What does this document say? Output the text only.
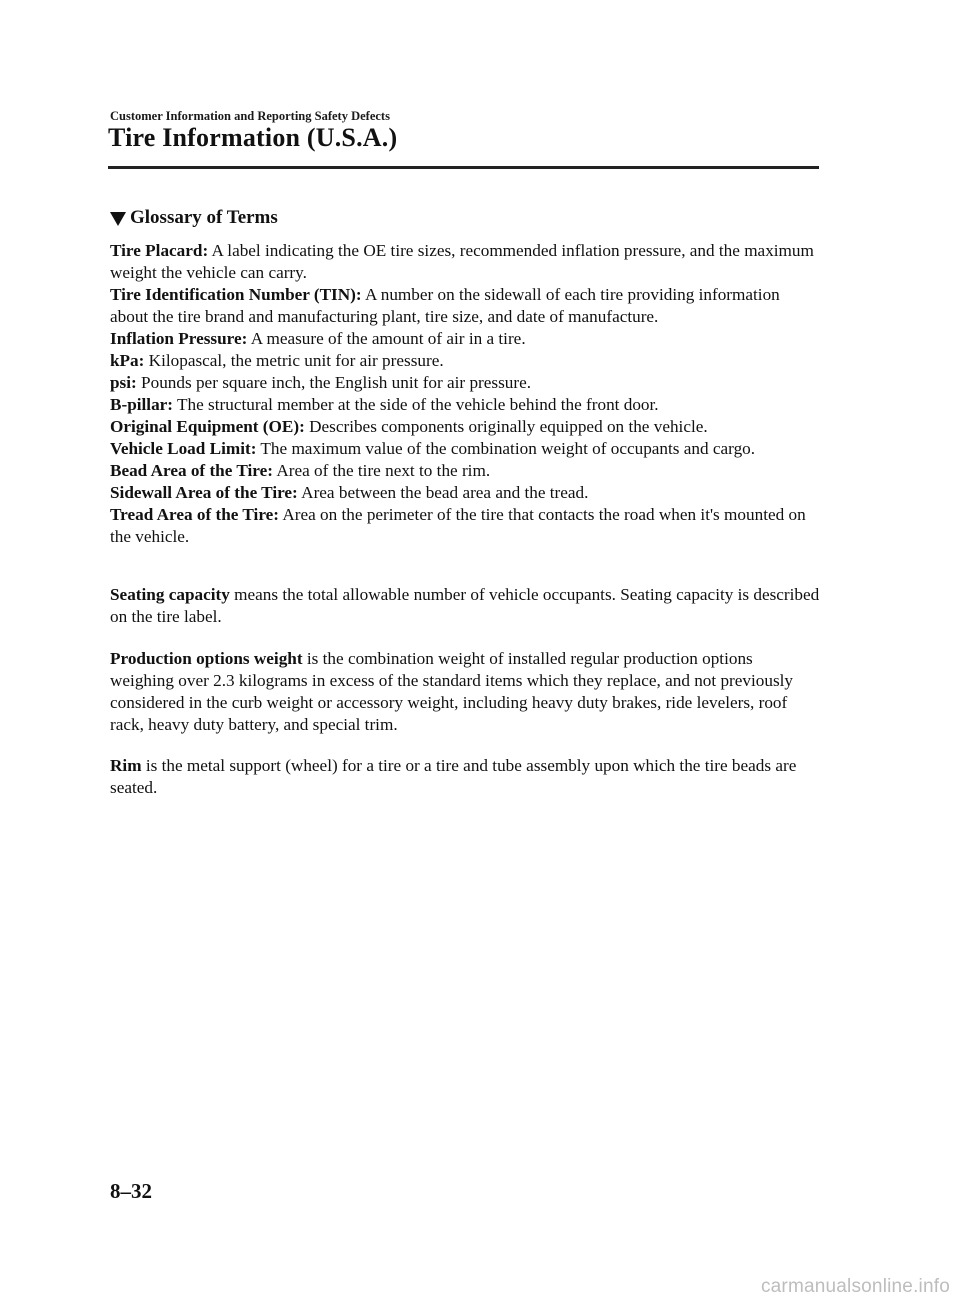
Customer Information and Reporting Safety Defects
Tire Information (U.S.A.)
Glossary of Terms

Tire Placard: A label indicating the OE tire sizes, recommended inflation pressure, and the maximum weight the vehicle can carry.

Tire Identification Number (TIN): A number on the sidewall of each tire providing information about the tire brand and manufacturing plant, tire size, and date of manufacture.

Inflation Pressure: A measure of the amount of air in a tire.

kPa: Kilopascal, the metric unit for air pressure.

psi: Pounds per square inch, the English unit for air pressure.

B-pillar: The structural member at the side of the vehicle behind the front door.

Original Equipment (OE): Describes components originally equipped on the vehicle.

Vehicle Load Limit: The maximum value of the combination weight of occupants and cargo.

Bead Area of the Tire: Area of the tire next to the rim.

Sidewall Area of the Tire: Area between the bead area and the tread.

Tread Area of the Tire: Area on the perimeter of the tire that contacts the road when it's mounted on the vehicle.

Seating capacity means the total allowable number of vehicle occupants. Seating capacity is described on the tire label.

Production options weight is the combination weight of installed regular production options weighing over 2.3 kilograms in excess of the standard items which they replace, and not previously considered in the curb weight or accessory weight, including heavy duty brakes, ride levelers, roof rack, heavy duty battery, and special trim.

Rim is the metal support (wheel) for a tire or a tire and tube assembly upon which the tire beads are seated.

8–32
carmanualsonline.info
